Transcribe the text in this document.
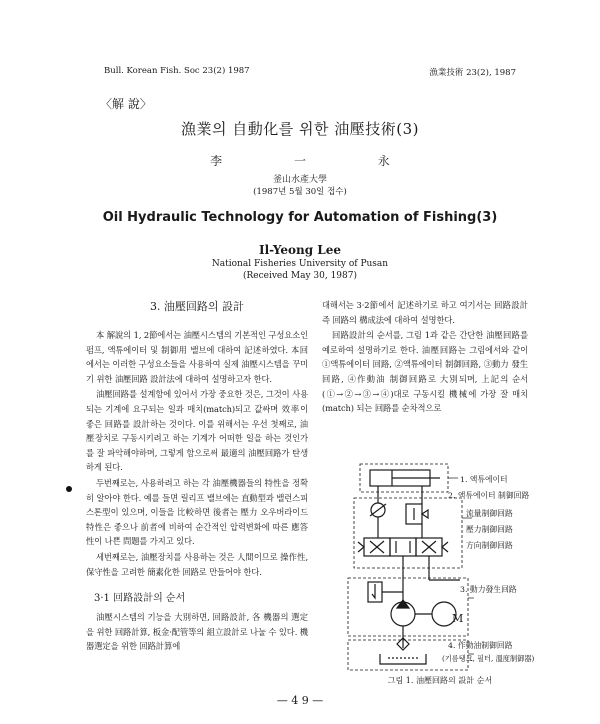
Bull. Korean Fish. Soc 23(2) 1987	漁業技術 23(2), 1987
〈解 說〉
漁業의 自動化를 위한 油壓技術(3)
李 一 永
釜山水產大學
(1987년 5월 30일 접수)
Oil Hydraulic Technology for Automation of Fishing(3)
Il-Yeong Lee
National Fisheries University of Pusan
(Received May 30, 1987)
3. 油壓回路의 設計

本 解說의 1, 2節에서는 油壓시스템의 기본적인 구성요소인 펌프, 액튜에이터 및 制御用 밸브에 대하여 記述하였다. 本回에서는 이러한 구성요소들을 사용하여 실제 油壓시스템을 꾸미기 위한 油壓回路 設計法에 대하여 설명하고자 한다.

油壓回路를 설계함에 있어서 가장 중요한 것은, 그것이 사용되는 기계에 요구되는 일과 매치(match)되고 값싸며 效率이 좋은 回路를 設計하는 것이다. 이를 위해서는 우선 첫째로, 油壓장치로 구동시키려고 하는 기계가 어떠한 일을 하는 것인가를 잘 파악해야하며, 그렇게 함으로써 最適의 油壓回路가 탄생하게 된다.

두번째로는, 사용하려고 하는 각 油壓機器들의 特性을 정확히 알아야 한다. 예를 들면 릴리프 밸브에는 直動型과 밸런스피스톤型이 있으며, 이들을 比較하면 後者는 壓力 오우버라이드 特性은 좋으나 前者에 비하여 순간적인 압력변화에 따른 應答性이 나쁜 問題를 가지고 있다.

세번째로는, 油壓장치를 사용하는 것은 人間이므로 操作性, 保守性을 고려한 簡素化한 回路로 만들어야 한다.

3·1 回路設計의 순서

油壓시스템의 기능을 大別하면, 回路設計, 各 機器의 選定을 위한 回路計算, 板金·配管等의 組立設計로 나눌 수 있다. 機器選定을 위한 回路計算에

대해서는 3·2節에서 記述하기로 하고 여기서는 回路設計 즉 回路의 構成法에 대하여 설명한다.

回路設計의 순서를, 그림 1과 같은 간단한 油壓回路를 예로하여 설명하기로 한다. 油壓回路는 그림에서와 같이 ①액튜에이터 回路, ②액튜에이터 制御回路, ③動力 發生回路, ④作動油 制御回路로 大別되며, 上記의 순서 (①→②→③→④)대로 구동시킬 機械에 가장 잘 매치(match) 되는 回路를 순차적으로

1. 액튜에이터
2. 액튜에이터 制御回路
流量制御回路
壓力制御回路
方向制御回路
3. 動力發生回路
M
4. 作動油制御回路
(기름탱크, 필터, 溫度制御器)
그림 1. 油壓回路의 設計 순서
— 4 9 —
